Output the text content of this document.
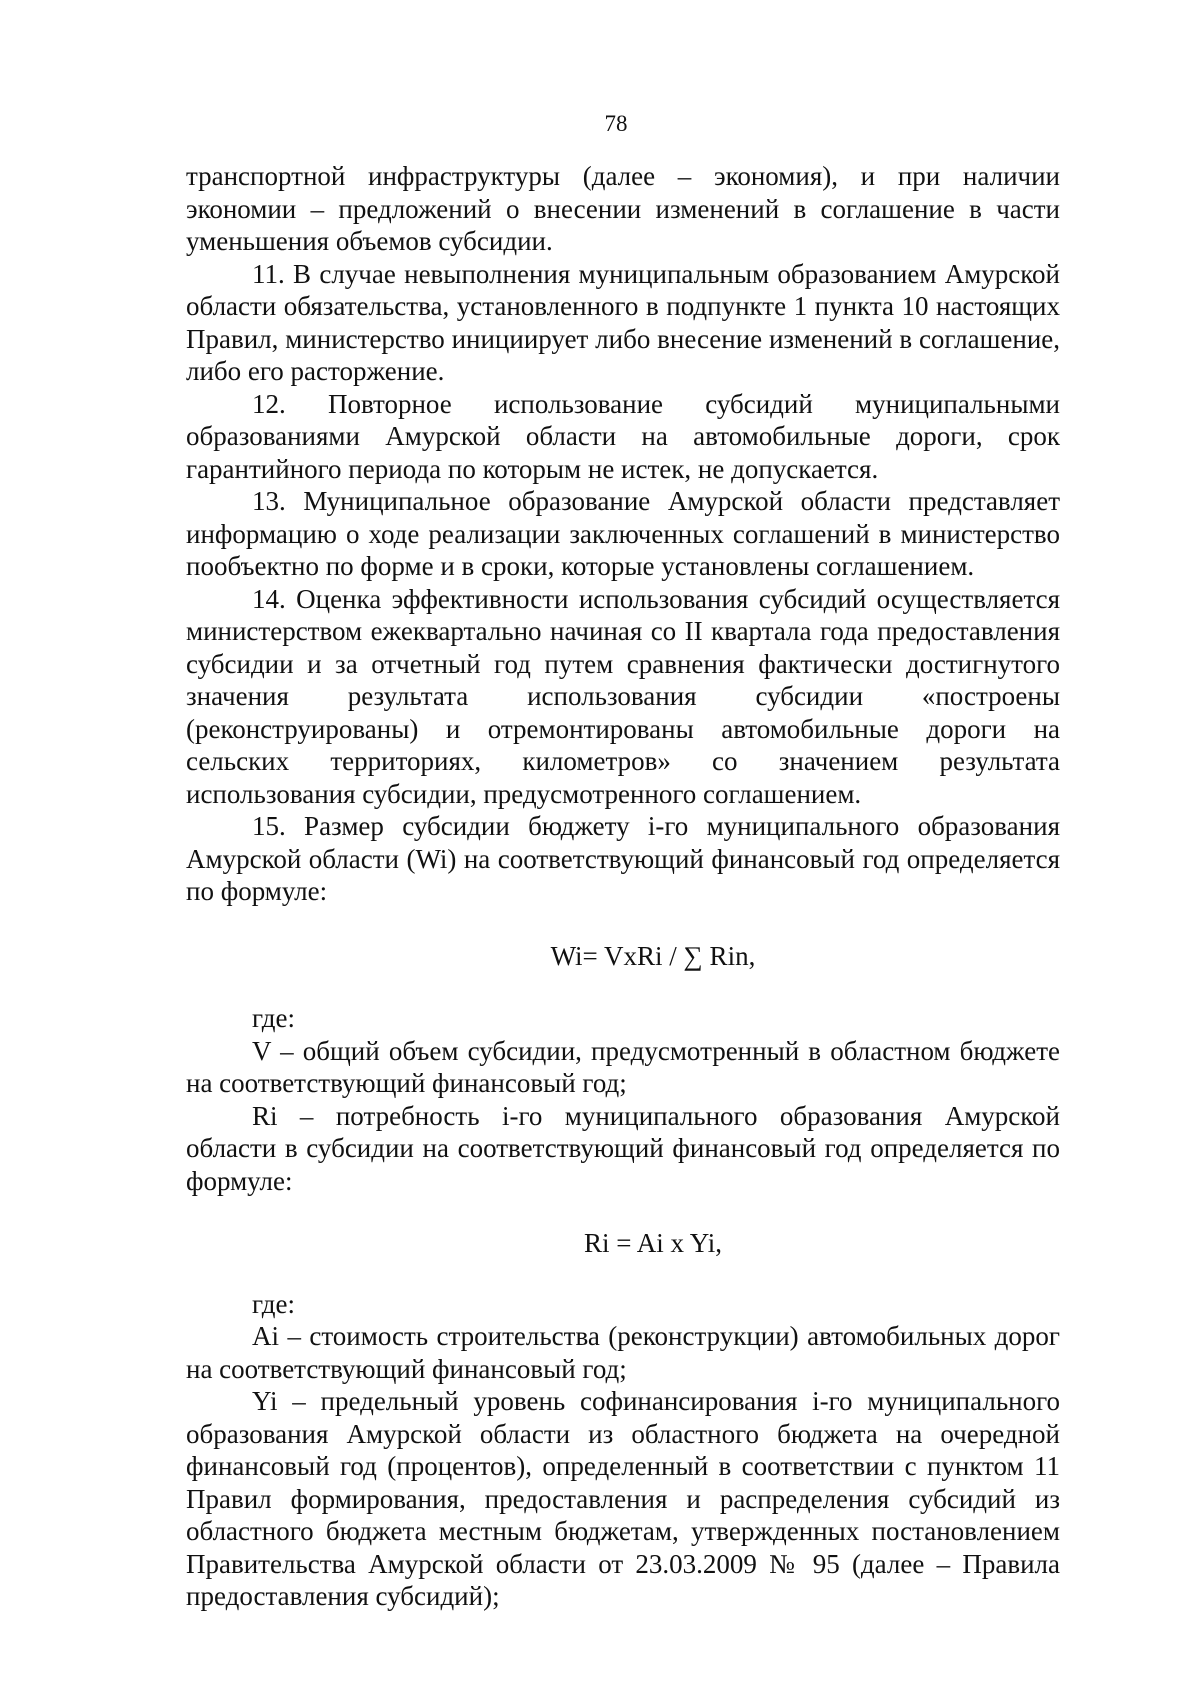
78

транспортной инфраструктуры (далее – экономия), и при наличии экономии – предложений о внесении изменений в соглашение в части уменьшения объемов субсидии.

11. В случае невыполнения муниципальным образованием Амурской области обязательства, установленного в подпункте 1 пункта 10 настоящих Правил, министерство инициирует либо внесение изменений в соглашение, либо его расторжение.

12. Повторное использование субсидий муниципальными образованиями Амурской области на автомобильные дороги, срок гарантийного периода по которым не истек, не допускается.

13. Муниципальное образование Амурской области представляет информацию о ходе реализации заключенных соглашений в министерство пообъектно по форме и в сроки, которые установлены соглашением.

14. Оценка эффективности использования субсидий осуществляется министерством ежеквартально начиная со II квартала года предоставления субсидии и за отчетный год путем сравнения фактически достигнутого значения результата использования субсидии «построены (реконструированы) и отремонтированы автомобильные дороги на сельских территориях, километров» со значением результата использования субсидии, предусмотренного соглашением.

15. Размер субсидии бюджету i-го муниципального образования Амурской области (Wi) на соответствующий финансовый год определяется по формуле:

Wi= VxRi / ∑ Rin,

где:

V – общий объем субсидии, предусмотренный в областном бюджете на соответствующий финансовый год;

Ri – потребность i-го муниципального образования Амурской области в субсидии на соответствующий финансовый год определяется по формуле:

Ri = Ai x Yi,

где:

Ai – стоимость строительства (реконструкции) автомобильных дорог на соответствующий финансовый год;

Yi – предельный уровень софинансирования i-го муниципального образования Амурской области из областного бюджета на очередной финансовый год (процентов), определенный в соответствии с пунктом 11 Правил формирования, предоставления и распределения субсидий из областного бюджета местным бюджетам, утвержденных постановлением Правительства Амурской области от 23.03.2009 № 95 (далее – Правила предоставления субсидий);
